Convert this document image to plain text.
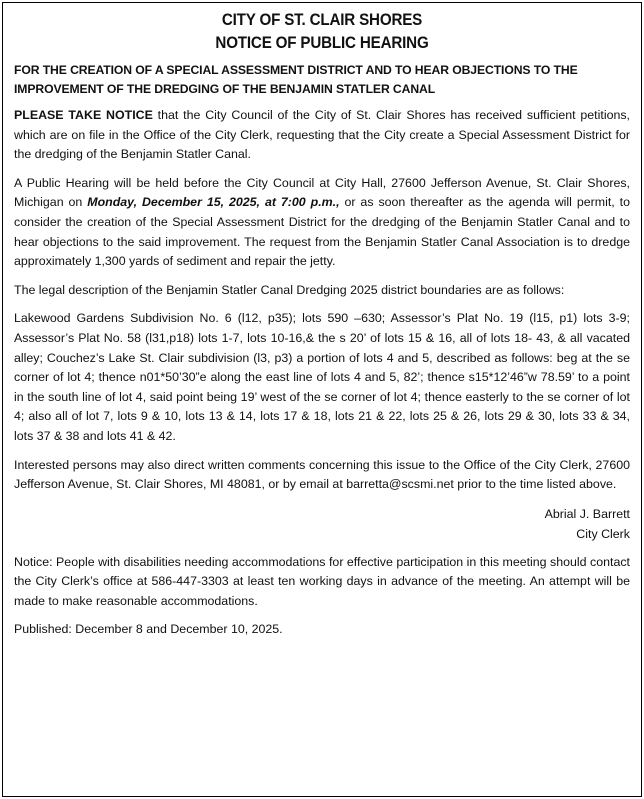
CITY OF ST. CLAIR SHORES
NOTICE OF PUBLIC HEARING
FOR THE CREATION OF A SPECIAL ASSESSMENT DISTRICT AND TO HEAR OBJECTIONS TO THE IMPROVEMENT OF THE DREDGING OF THE BENJAMIN STATLER CANAL

PLEASE TAKE NOTICE that the City Council of the City of St. Clair Shores has received sufficient petitions, which are on file in the Office of the City Clerk, requesting that the City create a Special Assessment District for the dredging of the Benjamin Statler Canal.

A Public Hearing will be held before the City Council at City Hall, 27600 Jefferson Avenue, St. Clair Shores, Michigan on Monday, December 15, 2025, at 7:00 p.m., or as soon thereafter as the agenda will permit, to consider the creation of the Special Assessment District for the dredging of the Benjamin Statler Canal and to hear objections to the said improvement. The request from the Benjamin Statler Canal Association is to dredge approximately 1,300 yards of sediment and repair the jetty.

The legal description of the Benjamin Statler Canal Dredging 2025 district boundaries are as follows:

Lakewood Gardens Subdivision No. 6 (l12, p35); lots 590 –630; Assessor’s Plat No. 19 (l15, p1) lots 3-9; Assessor’s Plat No. 58 (l31,p18) lots 1-7, lots 10-16,& the s 20’ of lots 15 & 16, all of lots 18- 43, & all vacated alley; Couchez’s Lake St. Clair subdivision (l3, p3) a portion of lots 4 and 5, described as follows: beg at the se corner of lot 4; thence n01*50’30”e along the east line of lots 4 and 5, 82’; thence s15*12’46”w 78.59’ to a point in the south line of lot 4, said point being 19’ west of the se corner of lot 4; thence easterly to the se corner of lot 4; also all of lot 7, lots 9 & 10, lots 13 & 14, lots 17 & 18, lots 21 & 22, lots 25 & 26, lots 29 & 30, lots 33 & 34, lots 37 & 38 and lots 41 & 42.

Interested persons may also direct written comments concerning this issue to the Office of the City Clerk, 27600 Jefferson Avenue, St. Clair Shores, MI 48081, or by email at barretta@scsmi.net prior to the time listed above.

Abrial J. Barrett
City Clerk

Notice: People with disabilities needing accommodations for effective participation in this meeting should contact the City Clerk’s office at 586-447-3303 at least ten working days in advance of the meeting. An attempt will be made to make reasonable accommodations.

Published: December 8 and December 10, 2025.
